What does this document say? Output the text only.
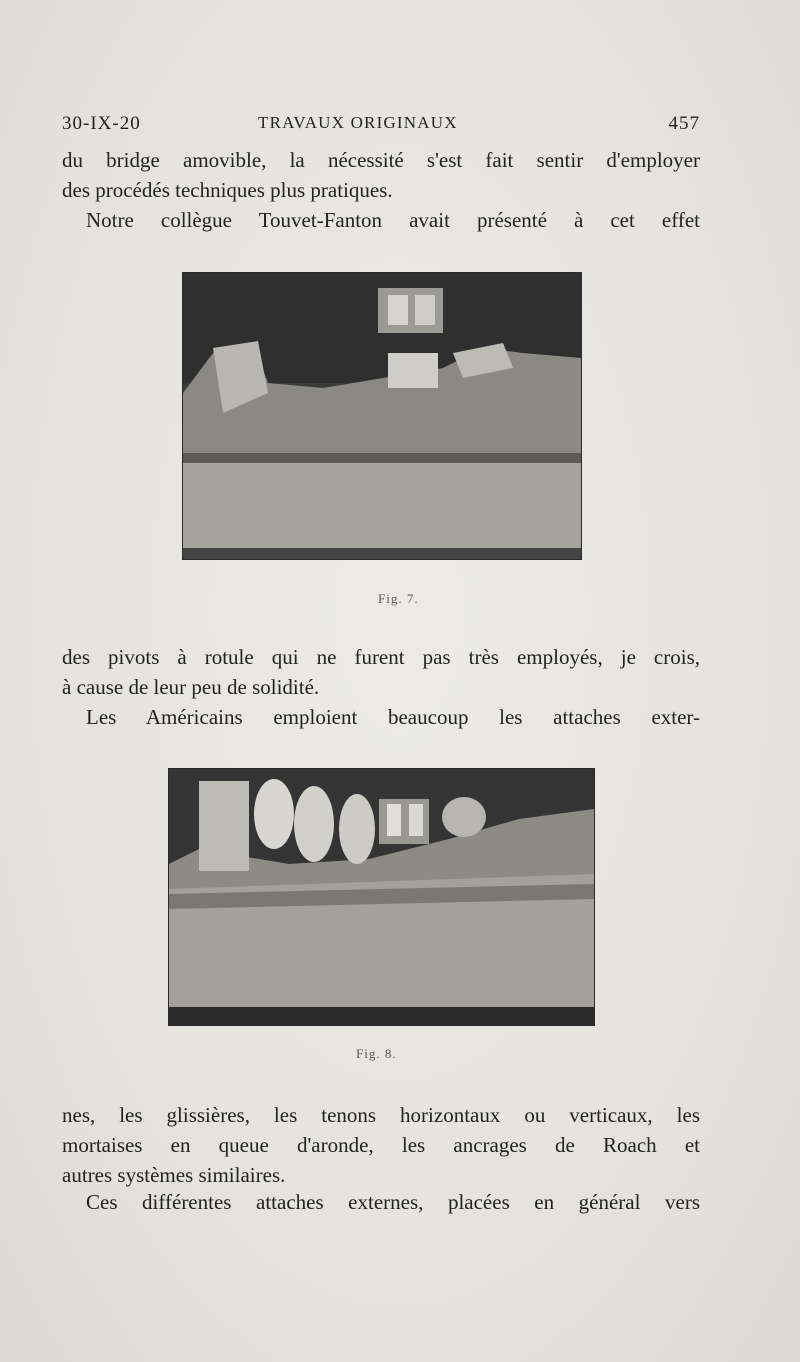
30-IX-20	TRAVAUX ORIGINAUX	457
du bridge amovible, la nécessité s'est fait sentir d'employer
des procédés techniques plus pratiques.
Notre collègue Touvet-Fanton avait présenté à cet effet
Fig. 7.
des pivots à rotule qui ne furent pas très employés, je crois,
à cause de leur peu de solidité.
Les Américains emploient beaucoup les attaches exter-
Fig. 8.
nes, les glissières, les tenons horizontaux ou verticaux, les
mortaises en queue d'aronde, les ancrages de Roach et
autres systèmes similaires.
Ces différentes attaches externes, placées en général vers
